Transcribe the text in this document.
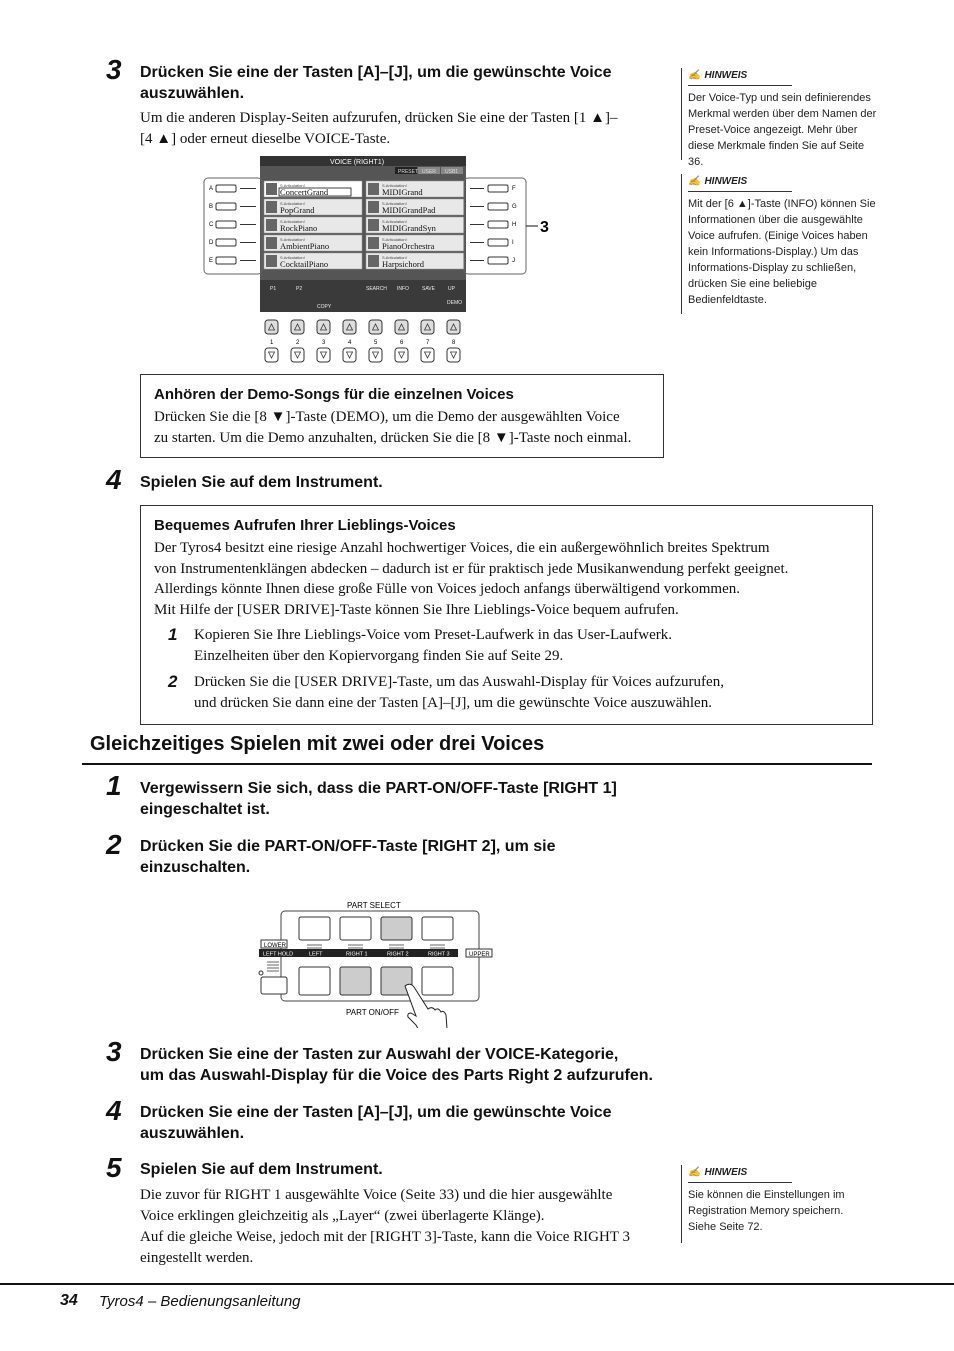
3 Drücken Sie eine der Tasten [A]–[J], um die gewünschte Voice auszuwählen.
Um die anderen Display-Seiten aufzurufen, drücken Sie eine der Tasten [1 ▲]–[4 ▲] oder erneut dieselbe VOICE-Taste.
VOICE (RIGHT1)
PRESET USER USB1
S.Articulation!
ConcertGrand
S.Articulation!
MIDIGrand
S.Articulation!
PopGrand
S.Articulation!
MIDIGrandPad
S.Articulation!
RockPiano
S.Articulation!
MIDIGrandSyn
S.Articulation!
AmbientPiano
S.Articulation!
PianoOrchestra
S.Articulation!
CocktailPiano
S.Articulation!
Harpsichord
P1	P2	SEARCH INFO	SAVE	UP
COPY
DEMO
A	F
B	G
C	H
D	I
E	J
3
1	2	3	4	5	6	7	8
Anhören der Demo-Songs für die einzelnen Voices
Drücken Sie die [8 ▼]-Taste (DEMO), um die Demo der ausgewählten Voice
zu starten. Um die Demo anzuhalten, drücken Sie die [8 ▼]-Taste noch einmal.
4 Spielen Sie auf dem Instrument.
Bequemes Aufrufen Ihrer Lieblings-Voices
Der Tyros4 besitzt eine riesige Anzahl hochwertiger Voices, die ein außergewöhnlich breites Spektrum
von Instrumentenklängen abdecken – dadurch ist er für praktisch jede Musikanwendung perfekt geeignet.
Allerdings könnte Ihnen diese große Fülle von Voices jedoch anfangs überwältigend vorkommen.
Mit Hilfe der [USER DRIVE]-Taste können Sie Ihre Lieblings-Voice bequem aufrufen.
1 Kopieren Sie Ihre Lieblings-Voice vom Preset-Laufwerk in das User-Laufwerk.
Einzelheiten über den Kopiervorgang finden Sie auf Seite 29.
2 Drücken Sie die [USER DRIVE]-Taste, um das Auswahl-Display für Voices aufzurufen,
und drücken Sie dann eine der Tasten [A]–[J], um die gewünschte Voice auszuwählen.
Gleichzeitiges Spielen mit zwei oder drei Voices
1 Vergewissern Sie sich, dass die PART-ON/OFF-Taste [RIGHT 1]
eingeschaltet ist.
2 Drücken Sie die PART-ON/OFF-Taste [RIGHT 2], um sie
einzuschalten.
PART SELECT
LOWER
UPPER
LEFT HOLD	LEFT	RIGHT 1	RIGHT 2	RIGHT 3
PART ON/OFF
3 Drücken Sie eine der Tasten zur Auswahl der VOICE-Kategorie,
um das Auswahl-Display für die Voice des Parts Right 2 aufzurufen.
4 Drücken Sie eine der Tasten [A]–[J], um die gewünschte Voice
auszuwählen.
5 Spielen Sie auf dem Instrument.
Die zuvor für RIGHT 1 ausgewählte Voice (Seite 33) und die hier ausgewählte
Voice erklingen gleichzeitig als „Layer“ (zwei überlagerte Klänge).
Auf die gleiche Weise, jedoch mit der [RIGHT 3]-Taste, kann die Voice RIGHT 3
eingestellt werden.
✍ HINWEIS
Der Voice-Typ und sein definierendes
Merkmal werden über dem Namen der
Preset-Voice angezeigt. Mehr über
diese Merkmale finden Sie auf Seite 36.
✍ HINWEIS
Mit der [6 ▲]-Taste (INFO) können Sie
Informationen über die ausgewählte
Voice aufrufen. (Einige Voices haben
kein Informations-Display.) Um das
Informations-Display zu schließen,
drücken Sie eine beliebige
Bedienfeldtaste.
✍ HINWEIS
Sie können die Einstellungen im
Registration Memory speichern.
Siehe Seite 72.
34 Tyros4 – Bedienungsanleitung
